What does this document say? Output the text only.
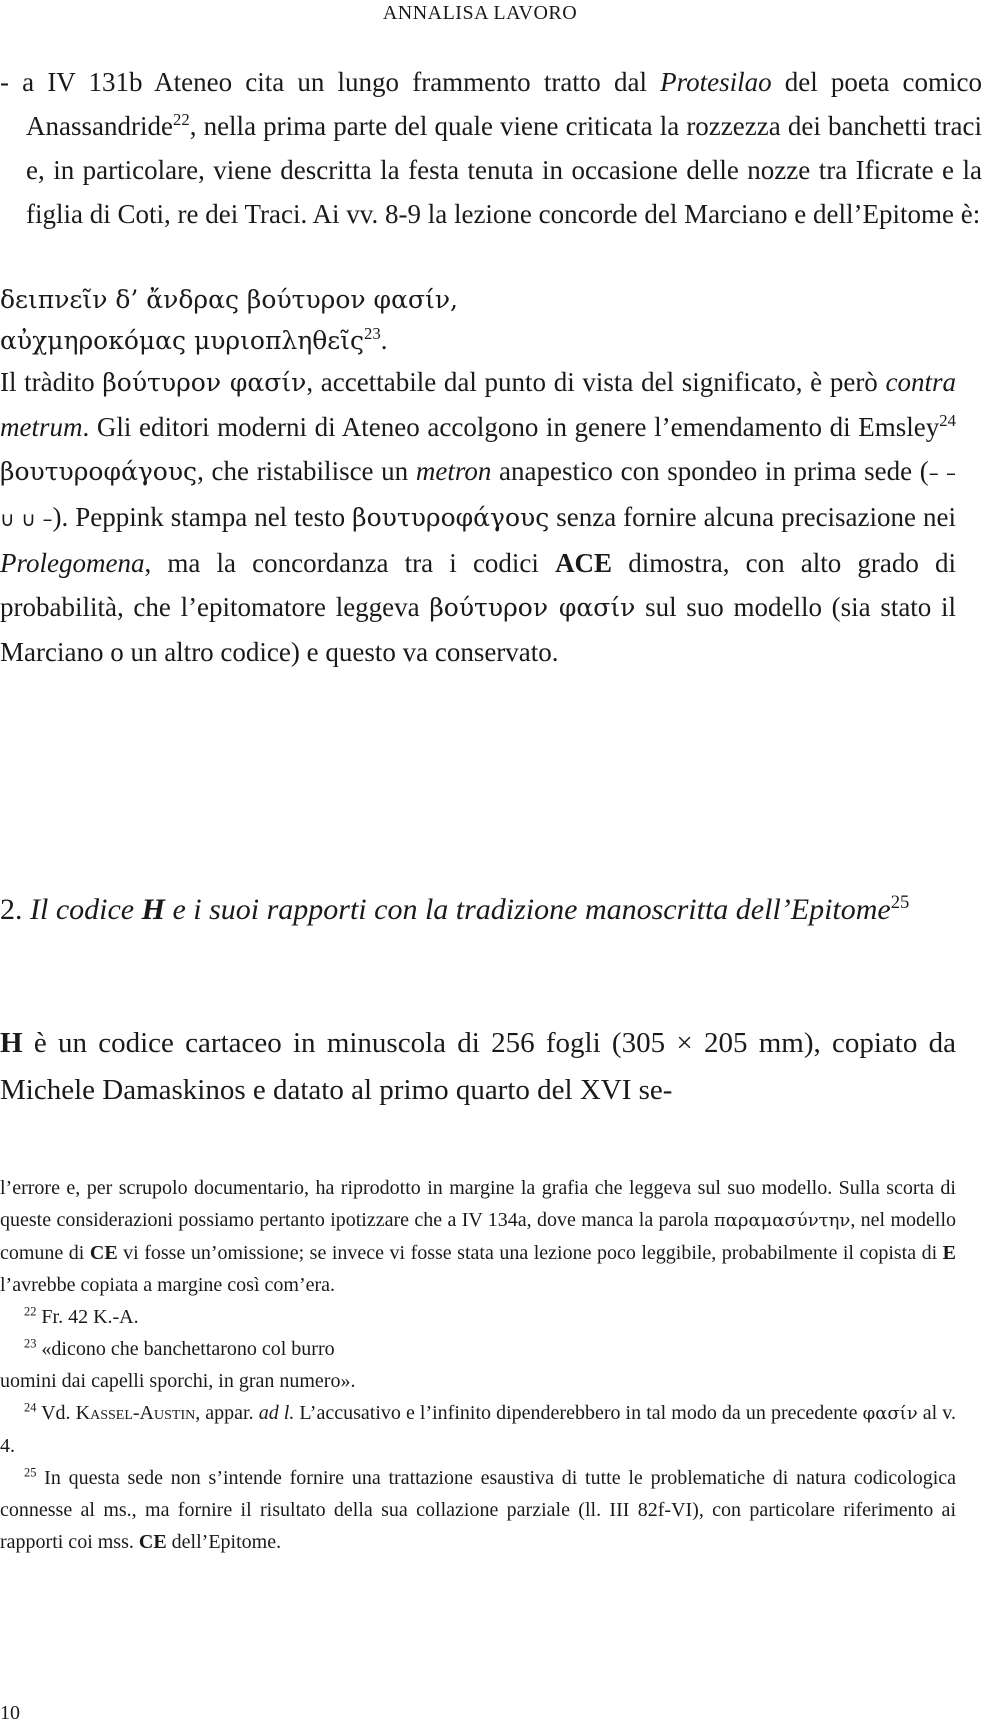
ANNALISA LAVORO
- a IV 131b Ateneo cita un lungo frammento tratto dal Protesilao del poeta comico Anassandride$^{22}$, nella prima parte del quale viene criticata la rozzezza dei banchetti traci e, in particolare, viene descritta la festa tenuta in occasione delle nozze tra Ificrate e la figlia di Coti, re dei Traci. Ai vv. 8-9 la lezione concorde del Marciano e dell’Epitome è:
δειπνεῖν δ’ ἄνδρας βούτυρον φασίν,
αὐχμηροκόμας μυριοπληθεῖς$^{23}$.
Il tràdito βούτυρον φασίν, accettabile dal punto di vista del significato, è però contra metrum. Gli editori moderni di Ateneo accolgono in genere l’emendamento di Emsley$^{24}$ βουτυροφάγους, che ristabilisce un metron anapestico con spondeo in prima sede (– – ∪ ∪ –). Peppink stampa nel testo βουτυροφάγους senza fornire alcuna precisazione nei Prolegomena, ma la concordanza tra i codici ACE dimostra, con alto grado di probabilità, che l’epitomatore leggeva βούτυρον φασίν sul suo modello (sia stato il Marciano o un altro codice) e questo va conservato.
2. Il codice H e i suoi rapporti con la tradizione manoscritta dell’Epitome$^{25}$
H è un codice cartaceo in minuscola di 256 fogli (305 × 205 mm), copiato da Michele Damaskinos e datato al primo quarto del XVI se-

l’errore e, per scrupolo documentario, ha riprodotto in margine la grafia che leggeva sul suo modello. Sulla scorta di queste considerazioni possiamo pertanto ipotizzare che a IV 134a, dove manca la parola παραμασύντην, nel modello comune di CE vi fosse un’omissione; se invece vi fosse stata una lezione poco leggibile, probabilmente il copista di E l’avrebbe copiata a margine così com’era.

$^{22}$ Fr. 42 K.-A.

$^{23}$ «dicono che banchettarono col burro

uomini dai capelli sporchi, in gran numero».

$^{24}$ Vd. Kassel-Austin, appar. ad l. L’accusativo e l’infinito dipenderebbero in tal modo da un precedente φασίν al v. 4.

$^{25}$ In questa sede non s’intende fornire una trattazione esaustiva di tutte le problematiche di natura codicologica connesse al ms., ma fornire il risultato della sua collazione parziale (ll. III 82f-VI), con particolare riferimento ai rapporti coi mss. CE dell’Epitome.

10
